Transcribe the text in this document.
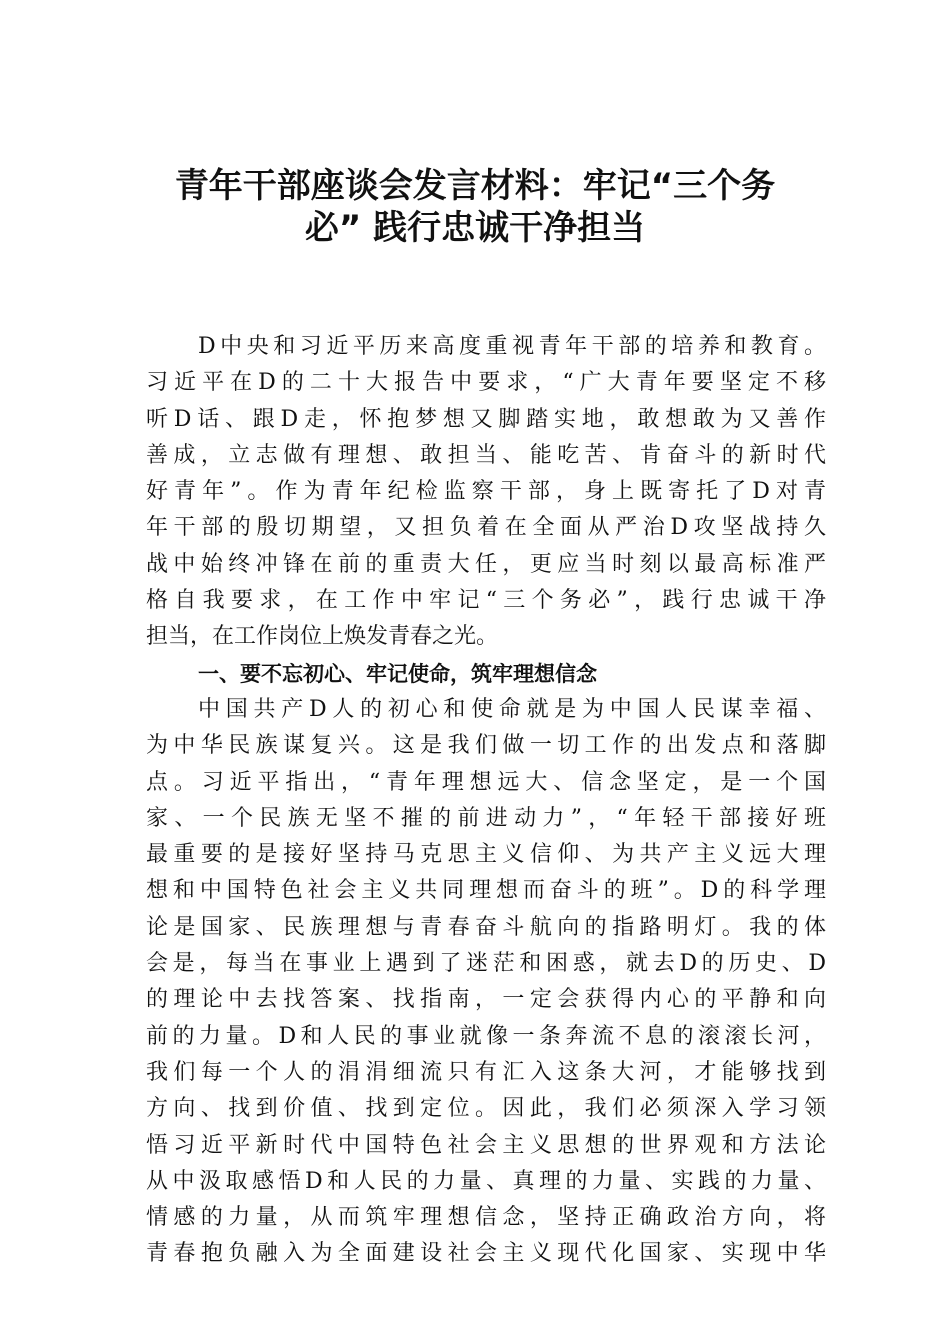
青年干部座谈会发言材料：牢记“三个务
必” 践行忠诚干净担当
D中央和习近平历来高度重视青年干部的培养和教育。
习近平在D的二十大报告中要求，“广大青年要坚定不移
听D话、跟D走，怀抱梦想又脚踏实地，敢想敢为又善作
善成，立志做有理想、敢担当、能吃苦、肯奋斗的新时代
好青年”。作为青年纪检监察干部，身上既寄托了D对青
年干部的殷切期望，又担负着在全面从严治D攻坚战持久
战中始终冲锋在前的重责大任，更应当时刻以最高标准严
格自我要求，在工作中牢记“三个务必”，践行忠诚干净
担当，在工作岗位上焕发青春之光。
一、要不忘初心、牢记使命，筑牢理想信念
中国共产D人的初心和使命就是为中国人民谋幸福、
为中华民族谋复兴。这是我们做一切工作的出发点和落脚
点。习近平指出，“青年理想远大、信念坚定，是一个国
家、一个民族无坚不摧的前进动力”，“年轻干部接好班
最重要的是接好坚持马克思主义信仰、为共产主义远大理
想和中国特色社会主义共同理想而奋斗的班”。D的科学理
论是国家、民族理想与青春奋斗航向的指路明灯。我的体
会是，每当在事业上遇到了迷茫和困惑，就去D的历史、D
的理论中去找答案、找指南，一定会获得内心的平静和向
前的力量。D和人民的事业就像一条奔流不息的滚滚长河，
我们每一个人的涓涓细流只有汇入这条大河，才能够找到
方向、找到价值、找到定位。因此，我们必须深入学习领
悟习近平新时代中国特色社会主义思想的世界观和方法论
从中汲取感悟D和人民的力量、真理的力量、实践的力量、
情感的力量，从而筑牢理想信念，坚持正确政治方向，将
青春抱负融入为全面建设社会主义现代化国家、实现中华
